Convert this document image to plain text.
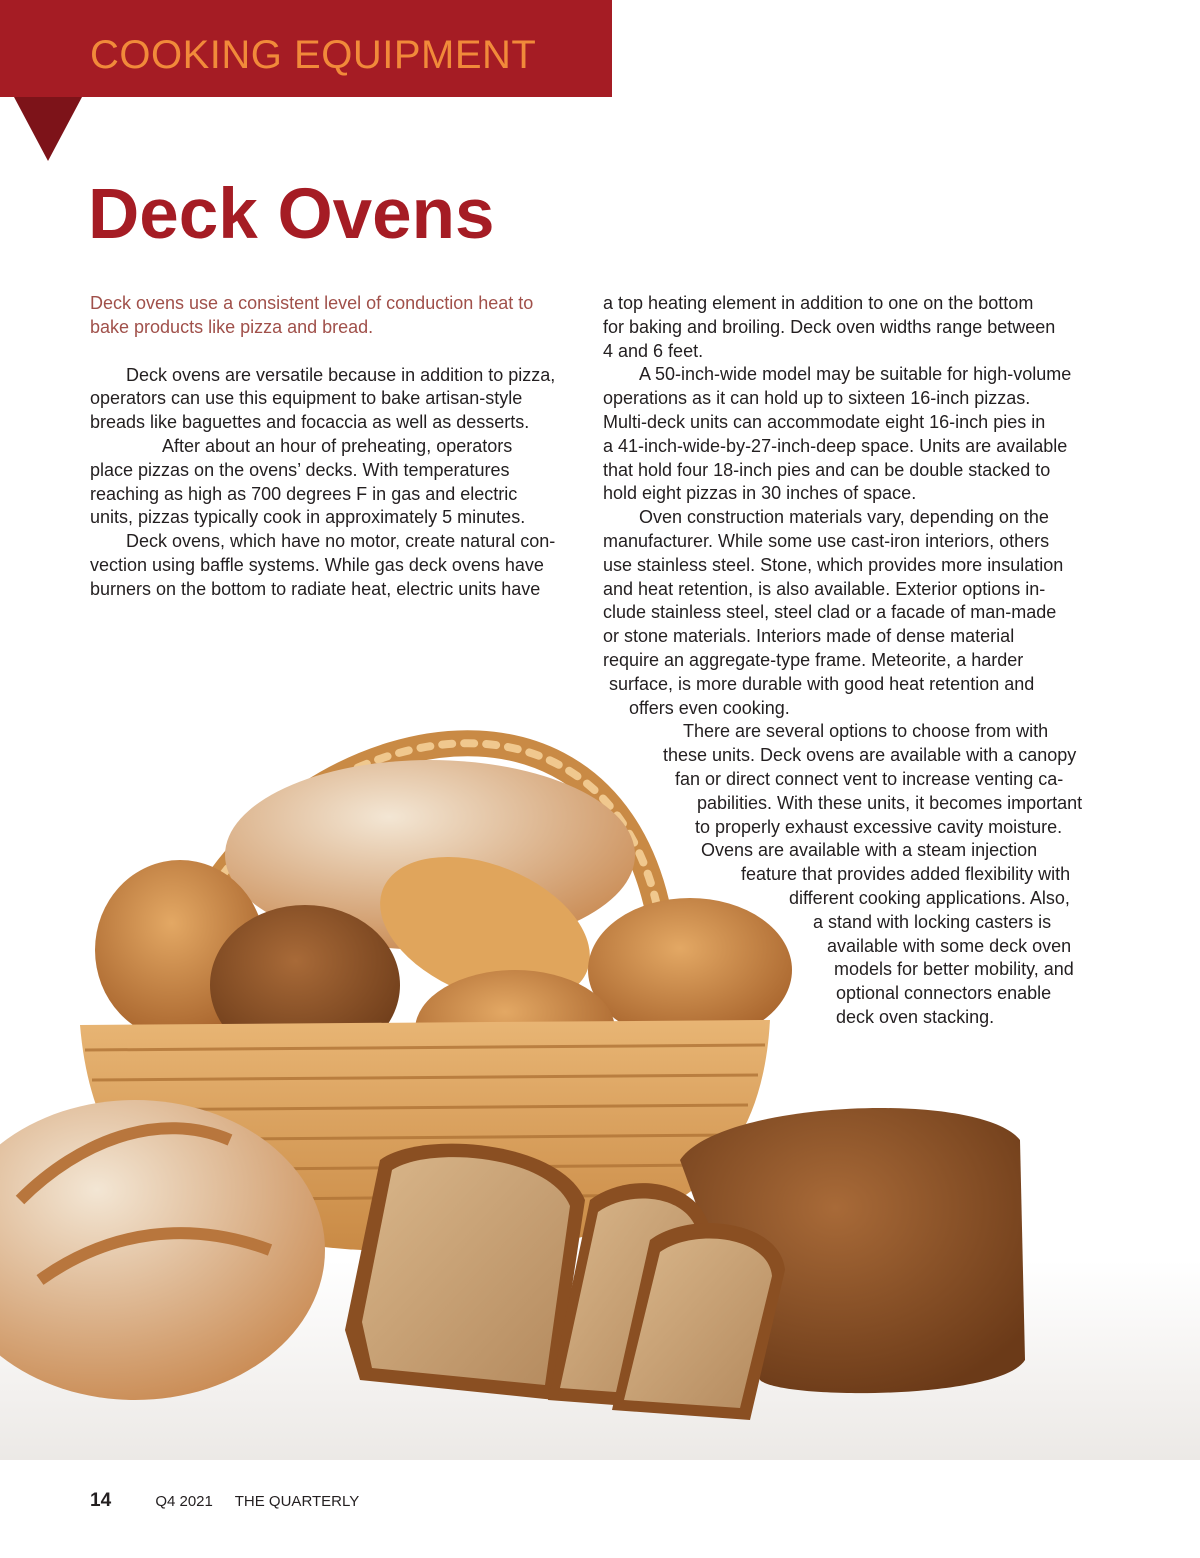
COOKING EQUIPMENT
Deck Ovens

Deck ovens use a consistent level of conduction heat to
bake products like pizza and bread.

Deck ovens are versatile because in addition to pizza,
operators can use this equipment to bake artisan-style
breads like baguettes and focaccia as well as desserts.

After about an hour of preheating, operators
place pizzas on the ovens’ decks. With temperatures
reaching as high as 700 degrees F in gas and electric
units, pizzas typically cook in approximately 5 minutes.

Deck ovens, which have no motor, create natural con-
vection using baffle systems. While gas deck ovens have
burners on the bottom to radiate heat, electric units have

a top heating element in addition to one on the bottom
for baking and broiling. Deck oven widths range between
4 and 6 feet.
A 50-inch-wide model may be suitable for high-volume
operations as it can hold up to sixteen 16-inch pizzas.
Multi-deck units can accommodate eight 16-inch pies in
a 41-inch-wide-by-27-inch-deep space. Units are available
that hold four 18-inch pies and can be double stacked to
hold eight pizzas in 30 inches of space.
Oven construction materials vary, depending on the
manufacturer. While some use cast-iron interiors, others
use stainless steel. Stone, which provides more insulation
and heat retention, is also available. Exterior options in-
clude stainless steel, steel clad or a facade of man-made
or stone materials. Interiors made of dense material
require an aggregate-type frame. Meteorite, a harder
surface, is more durable with good heat retention and
offers even cooking.
There are several options to choose from with
these units. Deck ovens are available with a canopy
fan or direct connect vent to increase venting ca-
pabilities. With these units, it becomes important
to properly exhaust excessive cavity moisture.
Ovens are available with a steam injection
feature that provides added flexibility with
different cooking applications. Also,
a stand with locking casters is
available with some deck oven
models for better mobility, and
optional connectors enable
deck oven stacking.
14	Q4 2021 THE QUARTERLY
